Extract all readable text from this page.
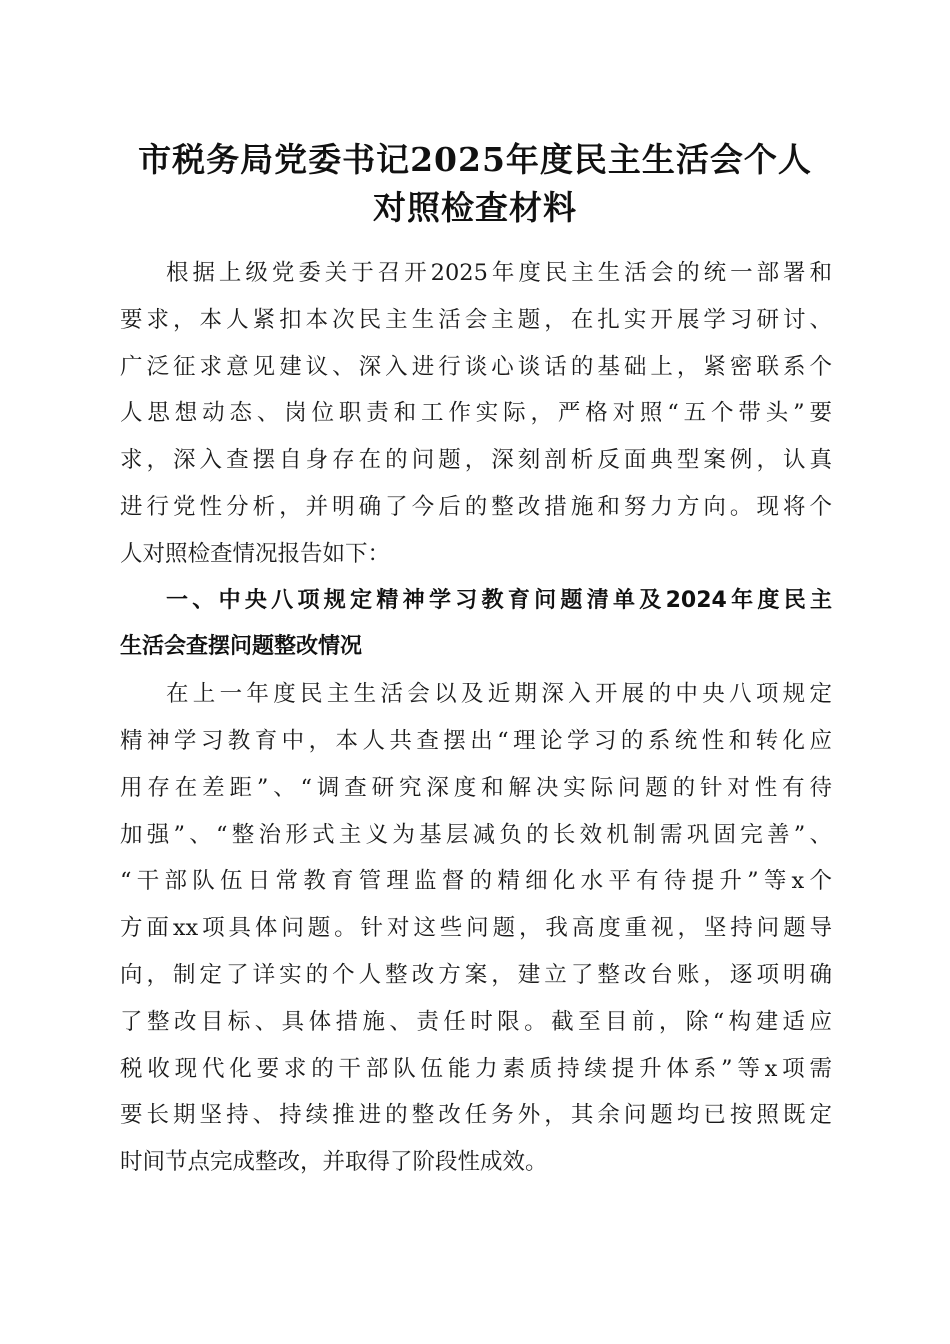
市税务局党委书记2025年度民主生活会个人
对照检查材料
根据上级党委关于召开2025年度民主生活会的统一部署和
要求，本人紧扣本次民主生活会主题，在扎实开展学习研讨、
广泛征求意见建议、深入进行谈心谈话的基础上，紧密联系个
人思想动态、岗位职责和工作实际，严格对照“五个带头”要
求，深入查摆自身存在的问题，深刻剖析反面典型案例，认真
进行党性分析，并明确了今后的整改措施和努力方向。现将个
人对照检查情况报告如下：
一、中央八项规定精神学习教育问题清单及2024年度民主
生活会查摆问题整改情况
在上一年度民主生活会以及近期深入开展的中央八项规定
精神学习教育中，本人共查摆出“理论学习的系统性和转化应
用存在差距”、“调查研究深度和解决实际问题的针对性有待
加强”、“整治形式主义为基层减负的长效机制需巩固完善”、
“干部队伍日常教育管理监督的精细化水平有待提升”等x个
方面xx项具体问题。针对这些问题，我高度重视，坚持问题导
向，制定了详实的个人整改方案，建立了整改台账，逐项明确
了整改目标、具体措施、责任时限。截至目前，除“构建适应
税收现代化要求的干部队伍能力素质持续提升体系”等x项需
要长期坚持、持续推进的整改任务外，其余问题均已按照既定
时间节点完成整改，并取得了阶段性成效。
